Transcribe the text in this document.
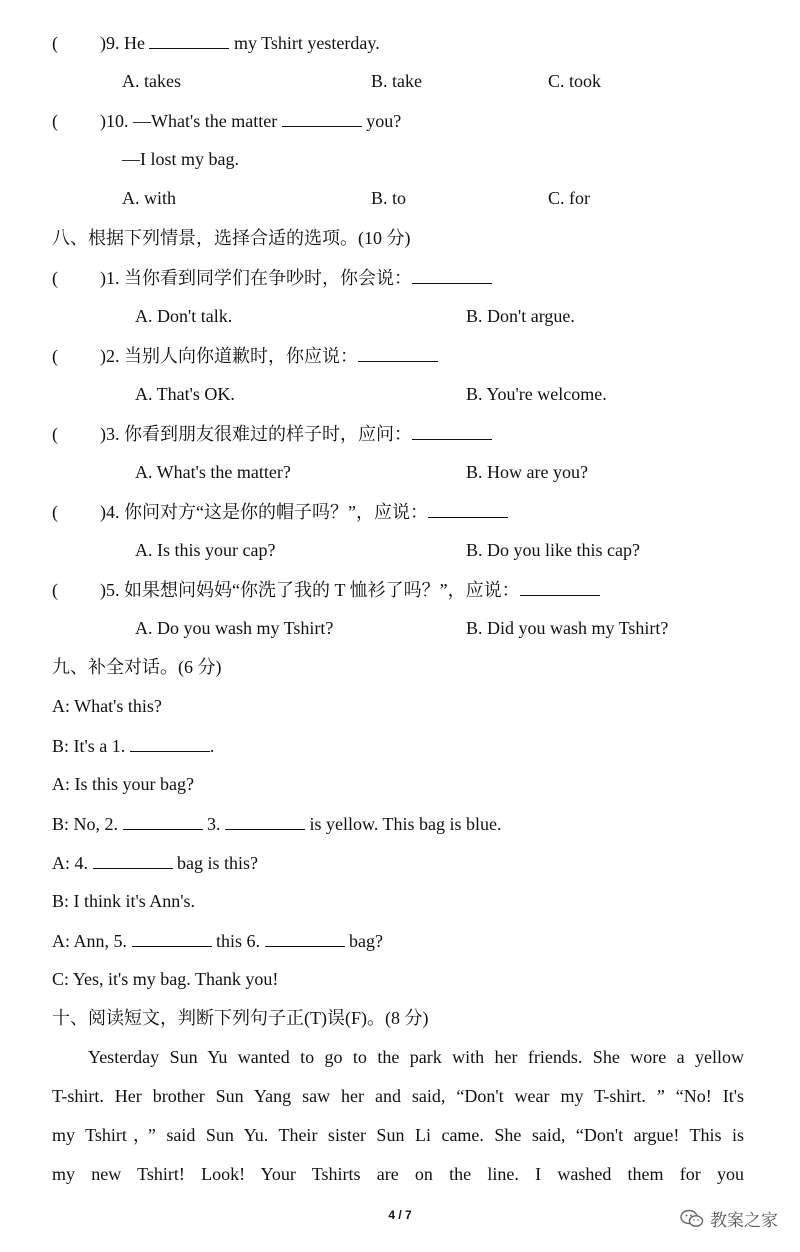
( )9. He	my Tshirt yesterday.
A. takes	B. take	C. took
( )10. —What's the matter	you?
—I lost my bag.
A. with	B. to	C. for
八、根据下列情景，选择合适的选项。(10 分)
( )1. 当你看到同学们在争吵时，你会说：
A. Don't talk.	B. Don't argue.
( )2. 当别人向你道歉时，你应说：
A. That's OK.	B. You're welcome.
( )3. 你看到朋友很难过的样子时，应问：
A. What's the matter?	B. How are you?
( )4. 你问对方“这是你的帽子吗？”，应说：
A. Is this your cap?	B. Do you like this cap?
( )5. 如果想问妈妈“你洗了我的 T 恤衫了吗？”，应说：
A. Do you wash my Tshirt?	B. Did you wash my Tshirt?
九、补全对话。(6 分)
A: What's this?
B: It's a 1.	.
A: Is this your bag?
B: No, 2.	3.	is yellow. This bag is blue.
A: 4.	bag is this?
B: I think it's Ann's.
A: Ann, 5.	this 6.	bag?
C: Yes, it's my bag. Thank you!
十、阅读短文，判断下列句子正(T)误(F)。(8 分)
Yesterday Sun Yu wanted to go to the park with her friends. She wore a yellow
T-shirt. Her brother Sun Yang saw her and said, “Don't wear my T-shirt. ” “No! It's
my Tshirt，” said Sun Yu. Their sister Sun Li came. She said, “Don't argue! This is
my new Tshirt! Look! Your Tshirts are on the line. I washed them for you
4 / 7	教案之家
